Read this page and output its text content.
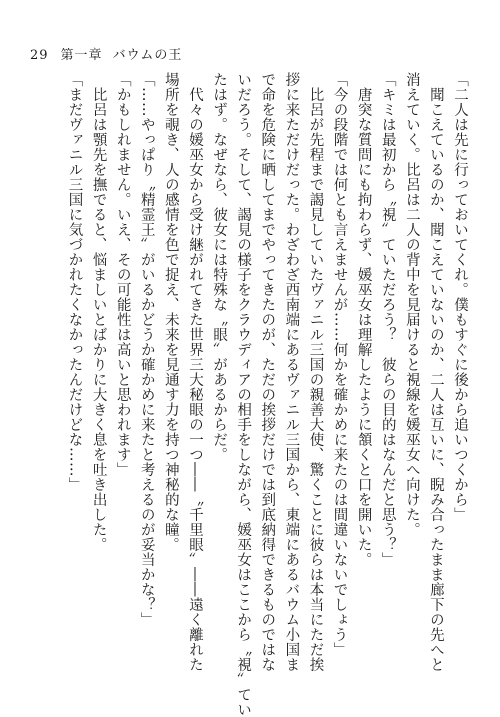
29 第一章 バウムの王
「二人は先に行っておいてくれ。僕もすぐに後から追いつくから」
　聞こえているのか、聞こえていないのか、二人は互いに、睨み合ったまま廊下の先へと
消えていく。比呂は二人の背中を見届けると視線を媛巫女へ向けた。
「キミは最初から〝視〟ていただろう？　彼らの目的はなんだと思う？」
　唐突な質問にも拘わらず、媛巫女は理解したように頷くと口を開いた。
「今の段階では何とも言えませんが……何かを確かめに来たのは間違いないでしょう」
　比呂が先程まで謁見していたヴァニル三国の親善大使、驚くことに彼らは本当にただ挨
拶に来ただけだった。わざわざ西南端にあるヴァニル三国から、東端にあるバウム小国ま
で命を危険に晒してまでやってきたのが、ただの挨拶だけでは到底納得できるものではな
いだろう。そして、謁見の様子をクラウディアの相手をしながら、媛巫女はここから〝視〟てい
たはず。なぜなら、彼女には特殊な〝眼〟があるからだ。
　代々の媛巫女から受け継がれてきた世界三大秘眼の一つ――〝千里眼〟――遠く離れた
場所を覗き、人の感情を色で捉え、未来を見通す力を持つ神秘的な瞳。
「……やっぱり〝精霊王〟がいるかどうか確かめに来たと考えるのが妥当かな？」
「かもしれません。いえ、その可能性は高いと思われます」
　比呂は顎先を撫でると、悩ましいとばかりに大きく息を吐き出した。
「まだヴァニル三国に気づかれたくなかったんだけどな……」
